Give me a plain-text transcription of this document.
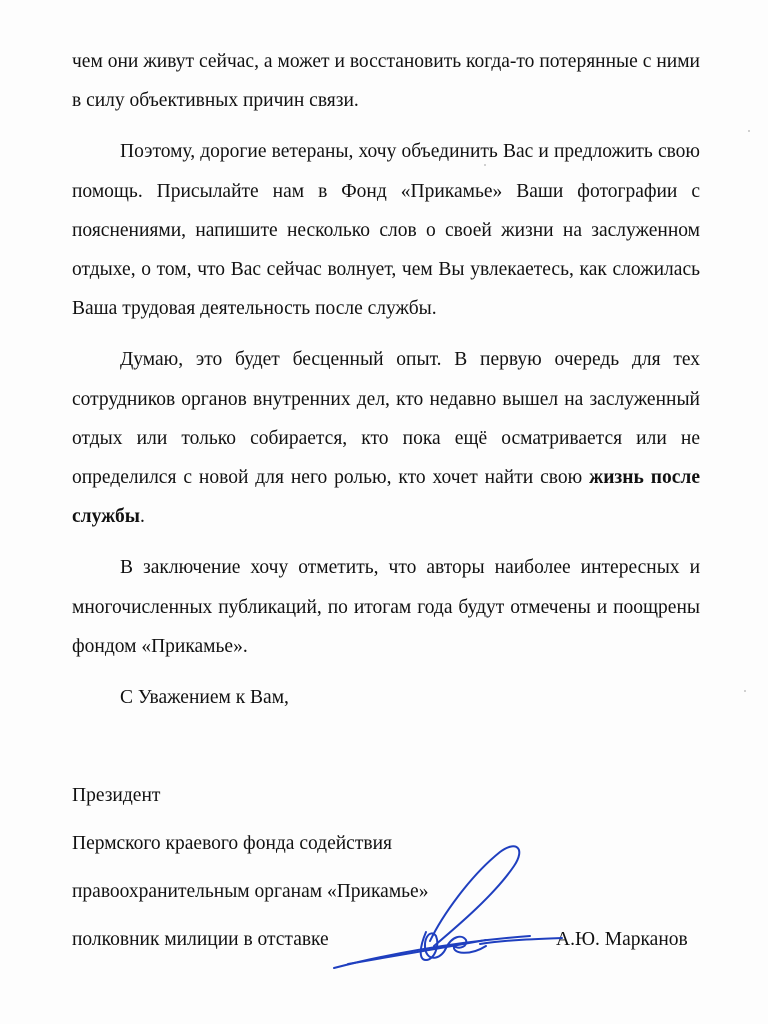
чем они живут сейчас, а может и восстановить когда-то потерянные с ними в силу объективных причин связи.

Поэтому, дорогие ветераны, хочу объединить Вас и предложить свою помощь. Присылайте нам в Фонд «Прикамье» Ваши фотографии с пояснениями, напишите несколько слов о своей жизни на заслуженном отдыхе, о том, что Вас сейчас волнует, чем Вы увлекаетесь, как сложилась Ваша трудовая деятельность после службы.

Думаю, это будет бесценный опыт. В первую очередь для тех сотрудников органов внутренних дел, кто недавно вышел на заслуженный отдых или только собирается, кто пока ещё осматривается или не определился с новой для него ролью, кто хочет найти свою жизнь после службы.

В заключение хочу отметить, что авторы наиболее интересных и многочисленных публикаций, по итогам года будут отмечены и поощрены фондом «Прикамье».

С Уважением к Вам,

Президент
Пермского краевого фонда содействия
правоохранительным органам «Прикамье»
полковник милиции в отставке	А.Ю. Марканов
